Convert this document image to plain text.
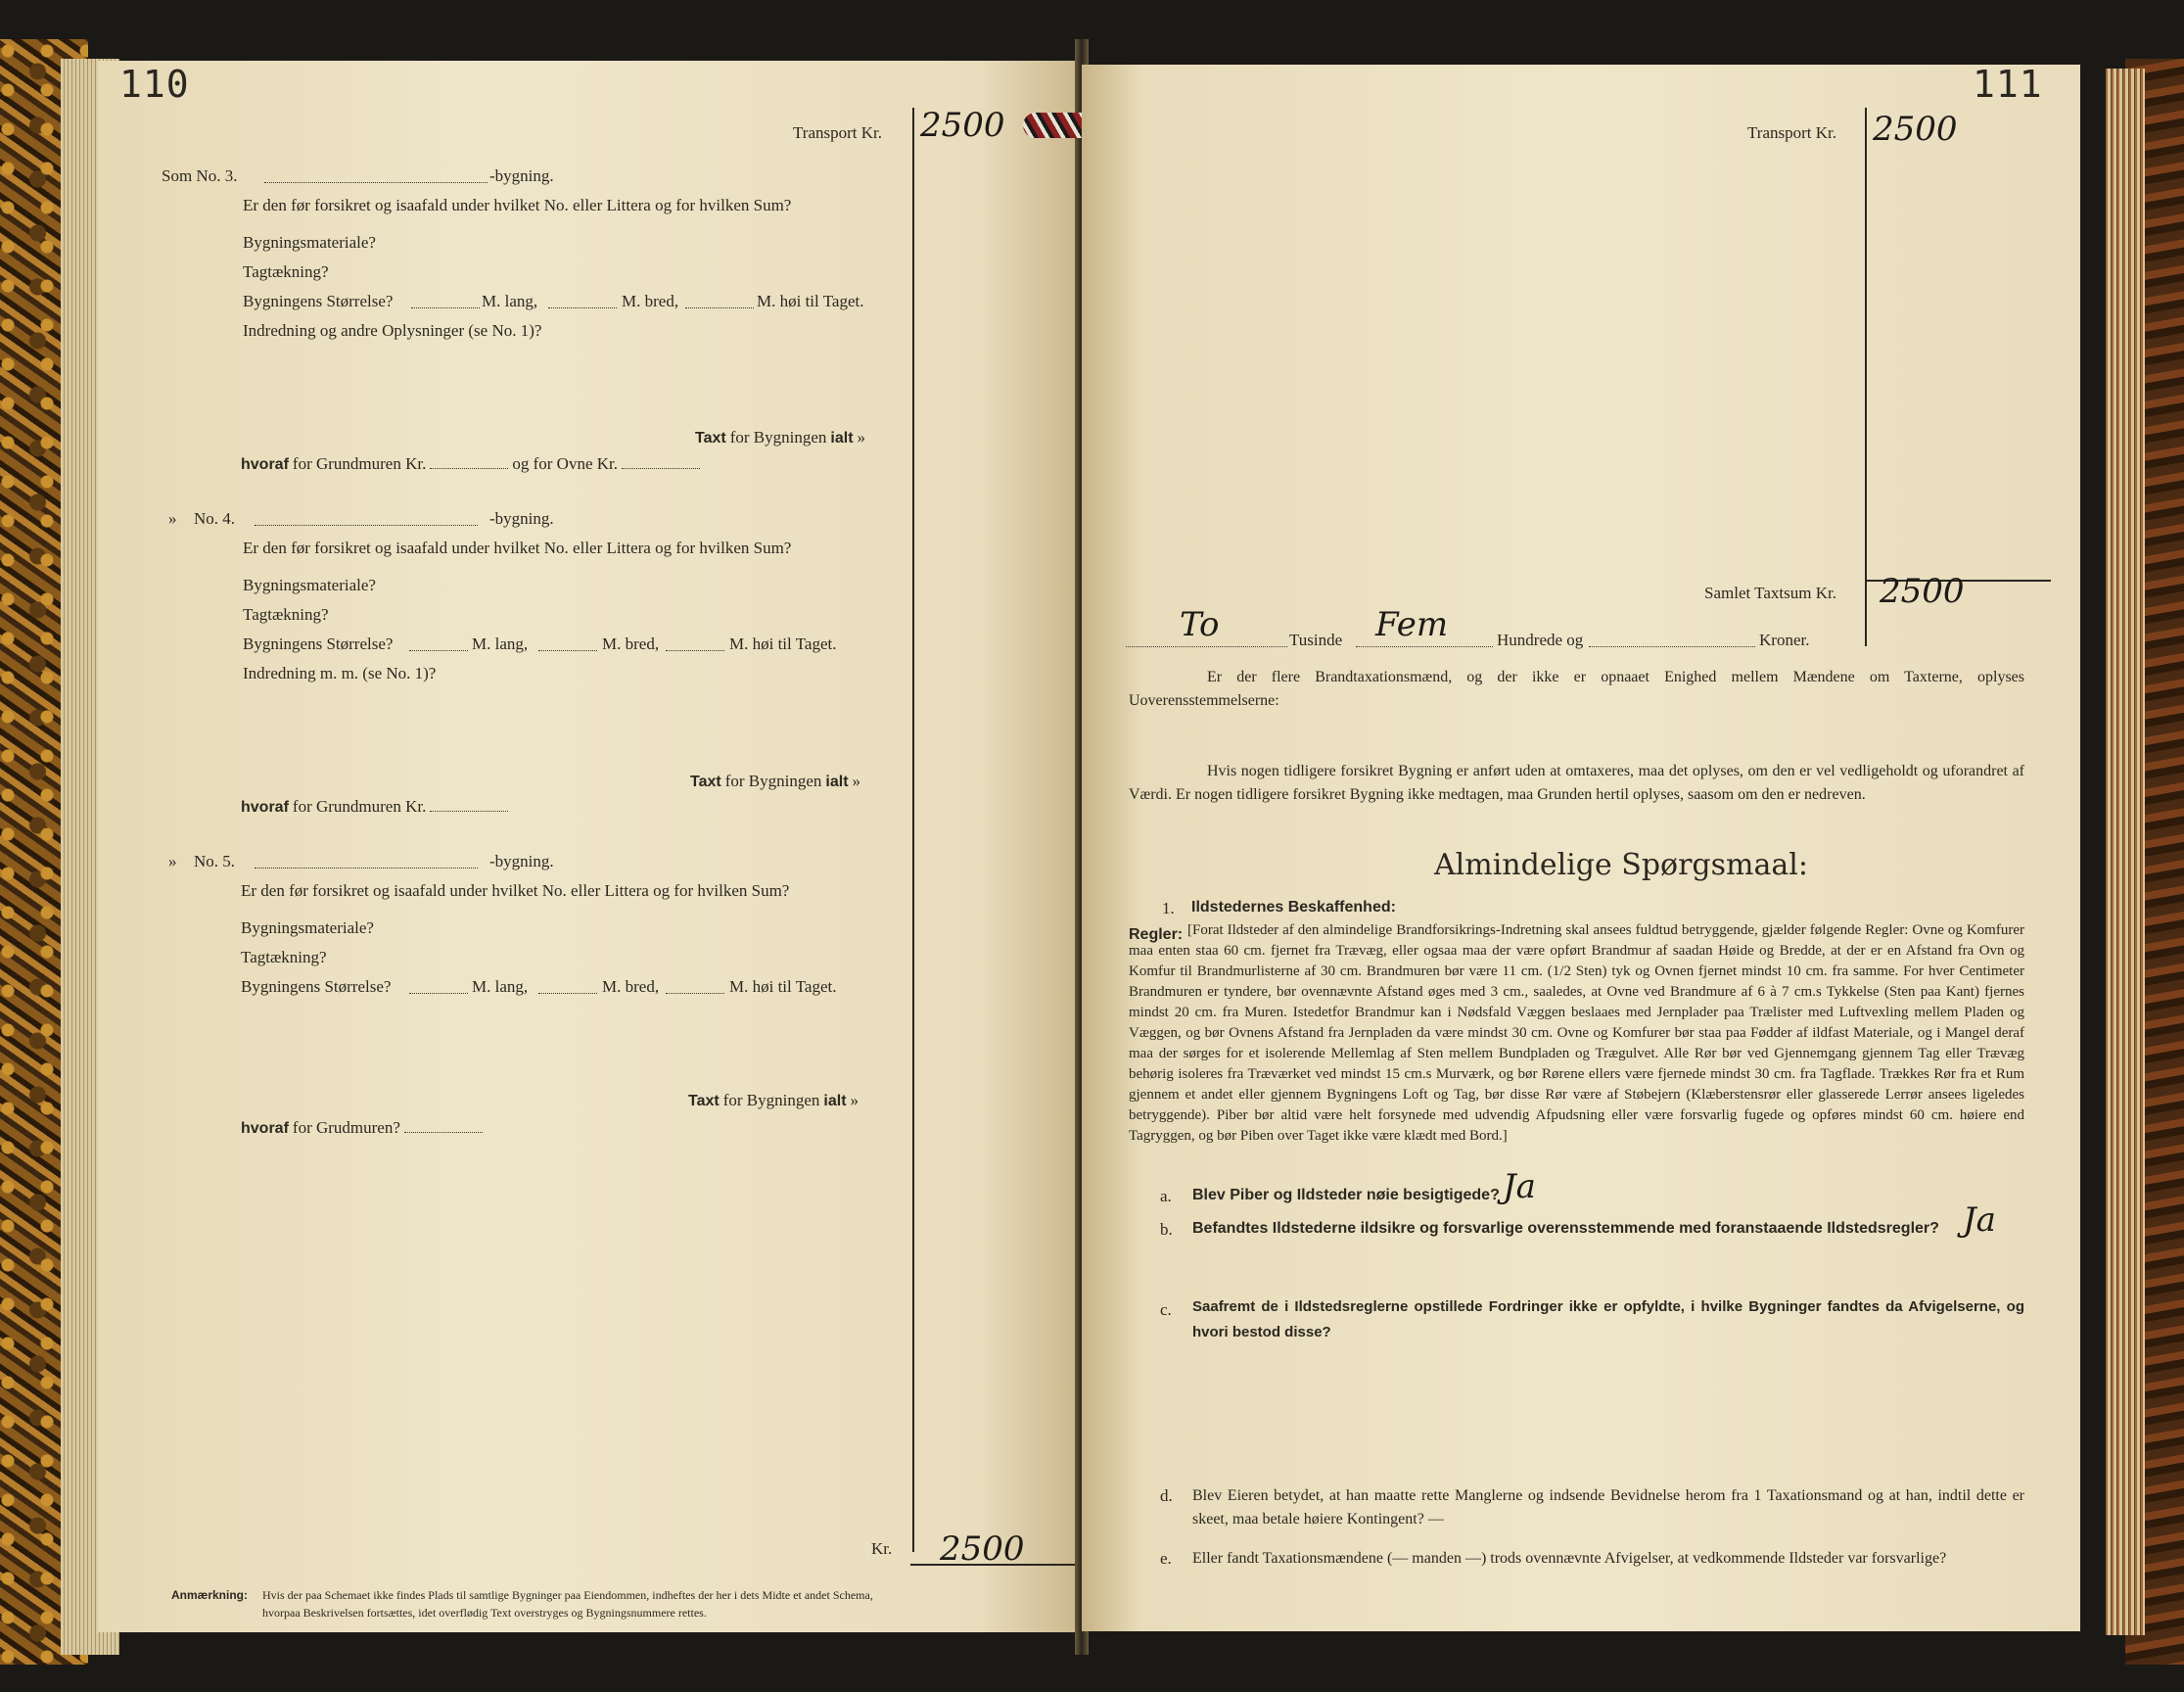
110
Transport Kr. 2500
Som No. 3.	-bygning.
Er den før forsikret og isaafald under hvilket No. eller Littera og for hvilken Sum?
Bygningsmateriale?
Tagtækning?
Bygningens Størrelse?	M. lang,	M. bred,	M. høi til Taget.
Indredning og andre Oplysninger (se No. 1)?
Taxt for Bygningen ialt »
hvoraf for Grundmuren Kr.	og for Ovne Kr.
» No. 4.	-bygning.
Er den før forsikret og isaafald under hvilket No. eller Littera og for hvilken Sum?
Bygningsmateriale?
Tagtækning?
Bygningens Størrelse?	M. lang,	M. bred,	M. høi til Taget.
Indredning m. m. (se No. 1)?
Taxt for Bygningen ialt »
hvoraf for Grundmuren Kr.
» No. 5.	-bygning.
Er den før forsikret og isaafald under hvilket No. eller Littera og for hvilken Sum?
Bygningsmateriale?
Tagtækning?
Bygningens Størrelse?	M. lang,	M. bred,	M. høi til Taget.
Taxt for Bygningen ialt »
hvoraf for Grudmuren?
Kr. 2500
Anmærkning: Hvis der paa Schemaet ikke findes Plads til samtlige Bygninger paa Eiendommen, indheftes der her i dets Midte et andet Schema,
hvorpaa Beskrivelsen fortsættes, idet overflødig Text overstryges og Bygningsnummere rettes.
111
Transport Kr. 2500
Samlet Taxtsum Kr. 2500
To	Tusinde Fem	Hundrede og	Kroner.
Er der flere Brandtaxationsmænd, og der ikke er opnaaet Enighed mellem Mændene om Taxterne, oplyses Uoverensstemmelserne:
Hvis nogen tidligere forsikret Bygning er anført uden at omtaxeres, maa det oplyses, om den er vel vedligeholdt og uforandret af Værdi. Er nogen tidligere forsikret Bygning ikke medtagen, maa Grunden hertil oplyses, saasom om den er nedreven.
Almindelige Spørgsmaal:
1. Ildstedernes Beskaffenhed:
Regler: [Forat Ildsteder af den almindelige Brandforsikrings-Indretning skal ansees fuldtud betryggende, gjælder følgende Regler: Ovne og Komfurer maa enten staa 60 cm. fjernet fra Trævæg, eller ogsaa maa der være opført Brandmur af saadan Høide og Bredde, at der er en Afstand fra Ovn og Komfur til Brandmurlisterne af 30 cm. Brandmuren bør være 11 cm. (1/2 Sten) tyk og Ovnen fjernet mindst 10 cm. fra samme. For hver Centimeter Brandmuren er tyndere, bør ovennævnte Afstand øges med 3 cm., saaledes, at Ovne ved Brandmure af 6 à 7 cm.s Tykkelse (Sten paa Kant) fjernes mindst 20 cm. fra Muren. Istedetfor Brandmur kan i Nødsfald Væggen beslaaes med Jernplader paa Trælister med Luftvexling mellem Pladen og Væggen, og bør Ovnens Afstand fra Jernpladen da være mindst 30 cm. Ovne og Komfurer bør staa paa Fødder af ildfast Materiale, og i Mangel deraf maa der sørges for et isolerende Mellemlag af Sten mellem Bundpladen og Trægulvet. Alle Rør bør ved Gjennemgang gjennem Tag eller Trævæg behørig isoleres fra Træværket ved mindst 15 cm.s Murværk, og bør Rørene ellers være fjernede mindst 30 cm. fra Tagflade. Trækkes Rør fra et Rum gjennem et andet eller gjennem Bygningens Loft og Tag, bør disse Rør være af Støbejern (Klæberstensrør eller glasserede Lerrør ansees ligeledes betryggende). Piber bør altid være helt forsynede med udvendig Afpudsning eller være forsvarlig fugede og opføres mindst 60 cm. høiere end Tagryggen, og bør Piben over Taget ikke være klædt med Bord.]
a. Blev Piber og Ildsteder nøie besigtigede? Ja
b. Befandtes Ildstederne ildsikre og forsvarlige overensstemmende med foranstaaende Ildstedsregler? Ja
c. Saafremt de i Ildstedsreglerne opstillede Fordringer ikke er opfyldte, i hvilke Bygninger fandtes da Afvigelserne, og hvori bestod disse?
d. Blev Eieren betydet, at han maatte rette Manglerne og indsende Bevidnelse herom fra 1 Taxationsmand og at han, indtil dette er skeet, maa betale høiere Kontingent? —
e. Eller fandt Taxationsmændene (— manden —) trods ovennævnte Afvigelser, at vedkommende Ildsteder var forsvarlige?
